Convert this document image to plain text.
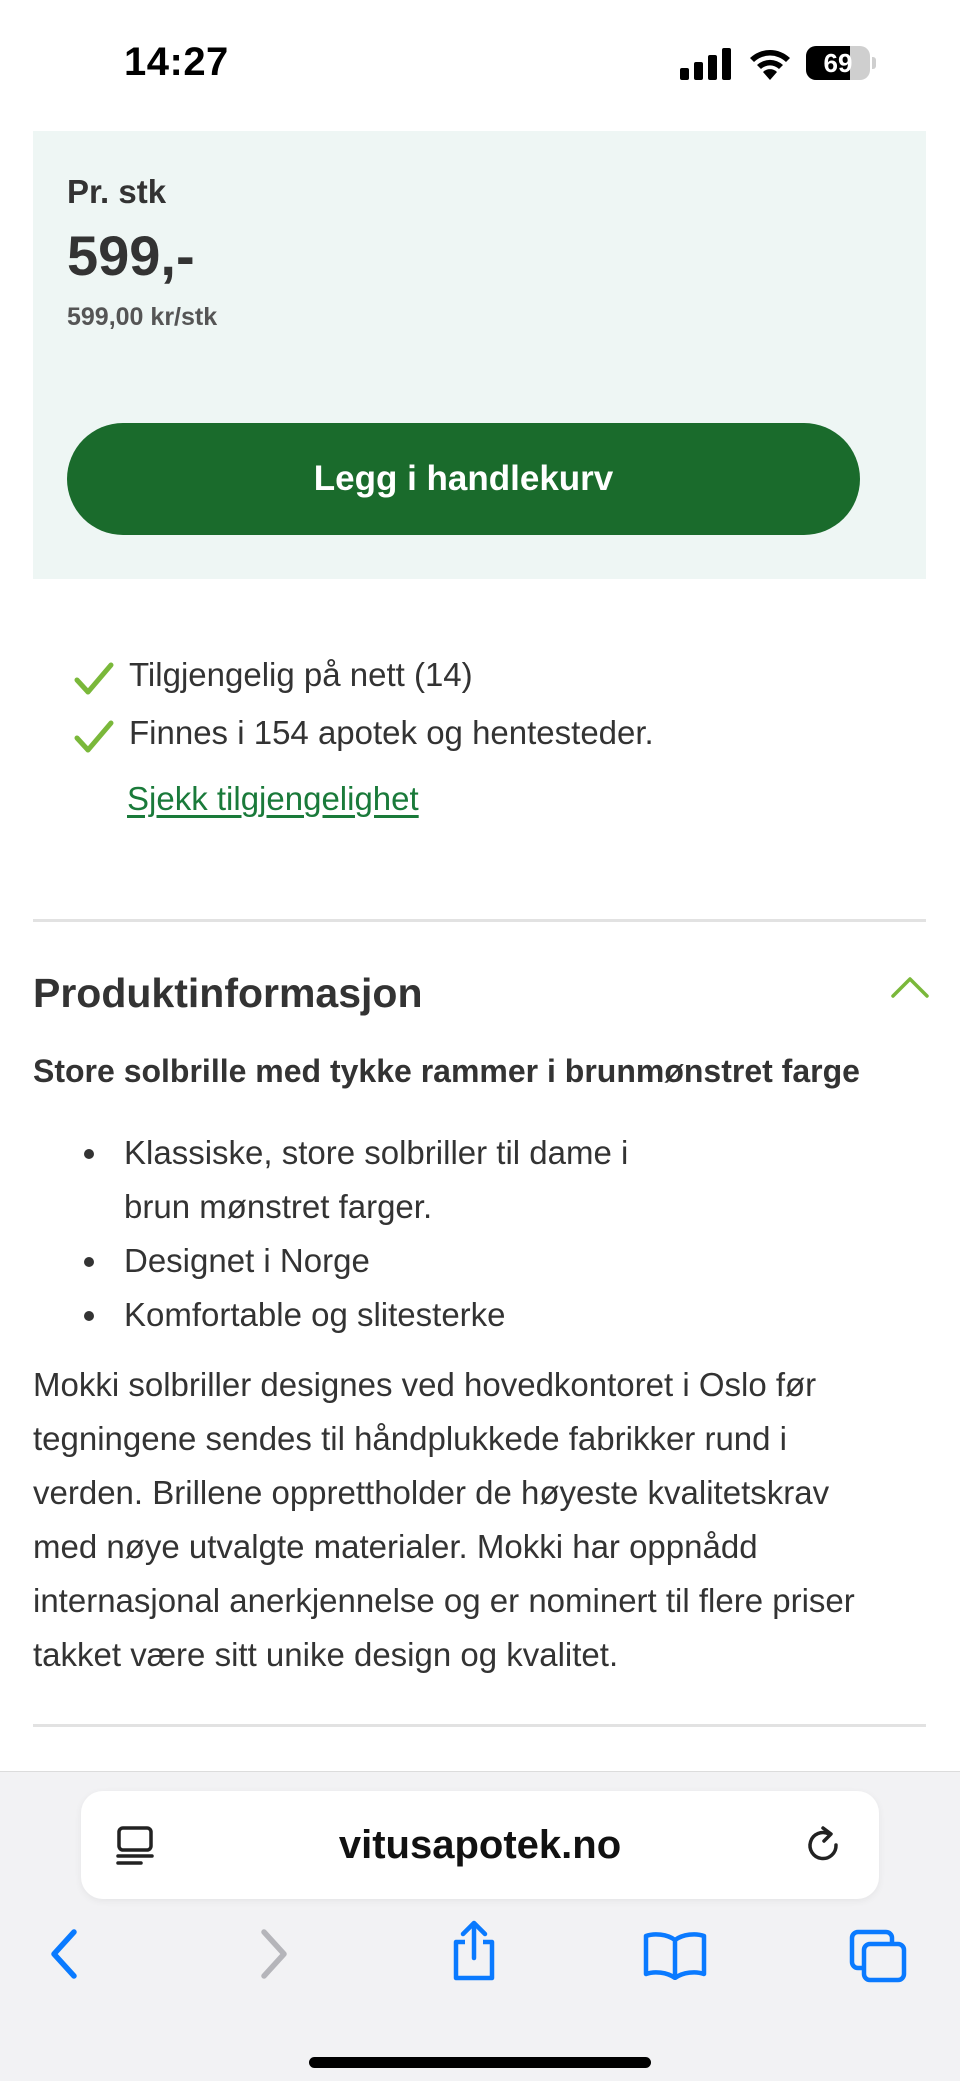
14:27	69
Pr. stk
599,-
599,00 kr/stk
Legg i handlekurv
Tilgjengelig på nett (14)
Finnes i 154 apotek og hentesteder.
Sjekk tilgjengelighet
Produktinformasjon
Store solbrille med tykke rammer i brunmønstret farge
Klassiske, store solbriller til dame i
brun mønstret farger.
Designet i Norge
Komfortable og slitesterke
Mokki solbriller designes ved hovedkontoret i Oslo før
tegningene sendes til håndplukkede fabrikker rund i
verden. Brillene opprettholder de høyeste kvalitetskrav
med nøye utvalgte materialer. Mokki har oppnådd
internasjonal anerkjennelse og er nominert til flere priser
takket være sitt unike design og kvalitet.
vitusapotek.no
